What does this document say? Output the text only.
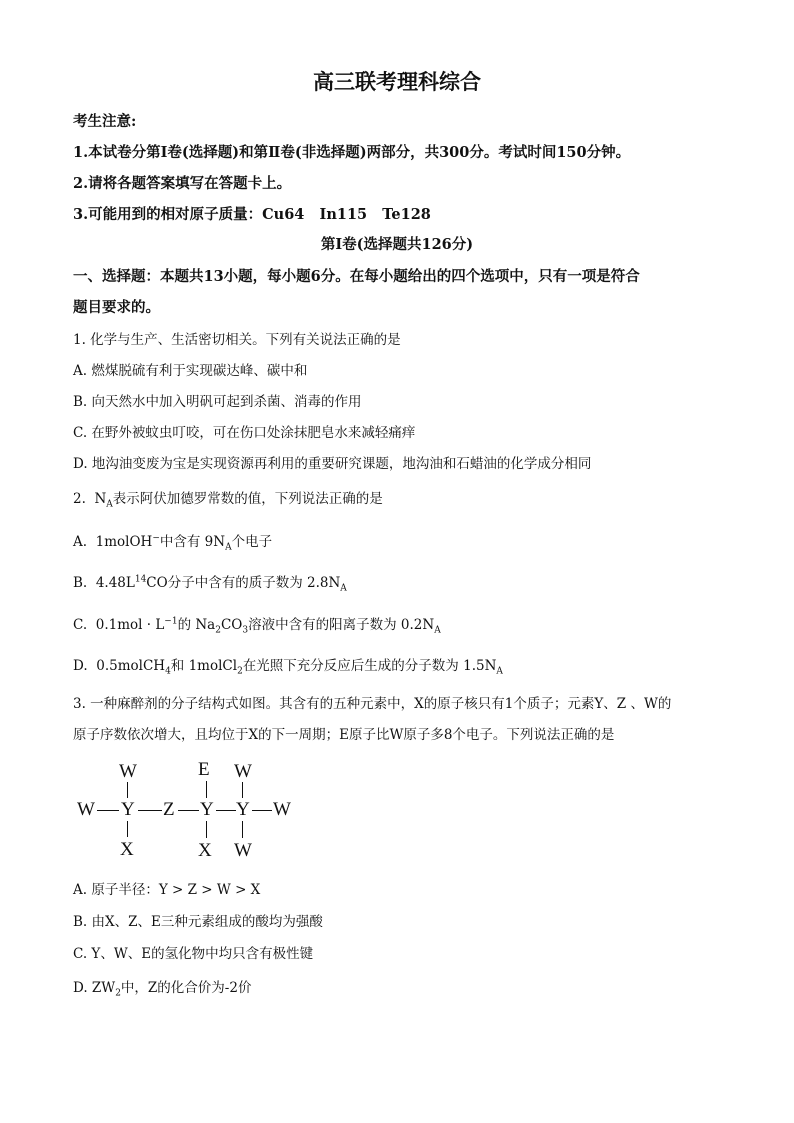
高三联考理科综合
考生注意:
1.本试卷分第Ⅰ卷(选择题)和第Ⅱ卷(非选择题)两部分，共300分。考试时间150分钟。
2.请将各题答案填写在答题卡上。
3.可能用到的相对原子质量：Cu64   In115   Te128
第Ⅰ卷(选择题共126分)
一、选择题：本题共13小题，每小题6分。在每小题给出的四个选项中，只有一项是符合
题目要求的。
1. 化学与生产、生活密切相关。下列有关说法正确的是
A. 燃煤脱硫有利于实现碳达峰、碳中和
B. 向天然水中加入明矾可起到杀菌、消毒的作用
C. 在野外被蚊虫叮咬，可在伤口处涂抹肥皂水来减轻痛痒
D. 地沟油变废为宝是实现资源再利用的重要研究课题，地沟油和石蜡油的化学成分相同
2. $N_A$表示阿伏加德罗常数的值，下列说法正确的是
A. 1molOH−中含有 $9N_A$个电子
B. $4.48L^{14}CO$分子中含有的质子数为 $2.8N_A$
C. $0.1mol \cdot L^{-1}$的 $Na_2CO_3$溶液中含有的阳离子数为 $0.2N_A$
D. 0.5molCH$_4$和 1molCl$_2$在光照下充分反应后生成的分子数为 $1.5N_A$
3. 一种麻醉剂的分子结构式如图。其含有的五种元素中，X的原子核只有1个质子；元素Y、Z 、W的
原子序数依次增大，且均位于X的下一周期；E原子比W原子多8个电子。下列说法正确的是
W	E W
W Y Z Y Y W
X	X W
A. 原子半径：Y > Z > W > X
B. 由X、Z、E三种元素组成的酸均为强酸
C. Y、W、E的氢化物中均只含有极性键
D. $ZW_2$中，Z的化合价为-2价
